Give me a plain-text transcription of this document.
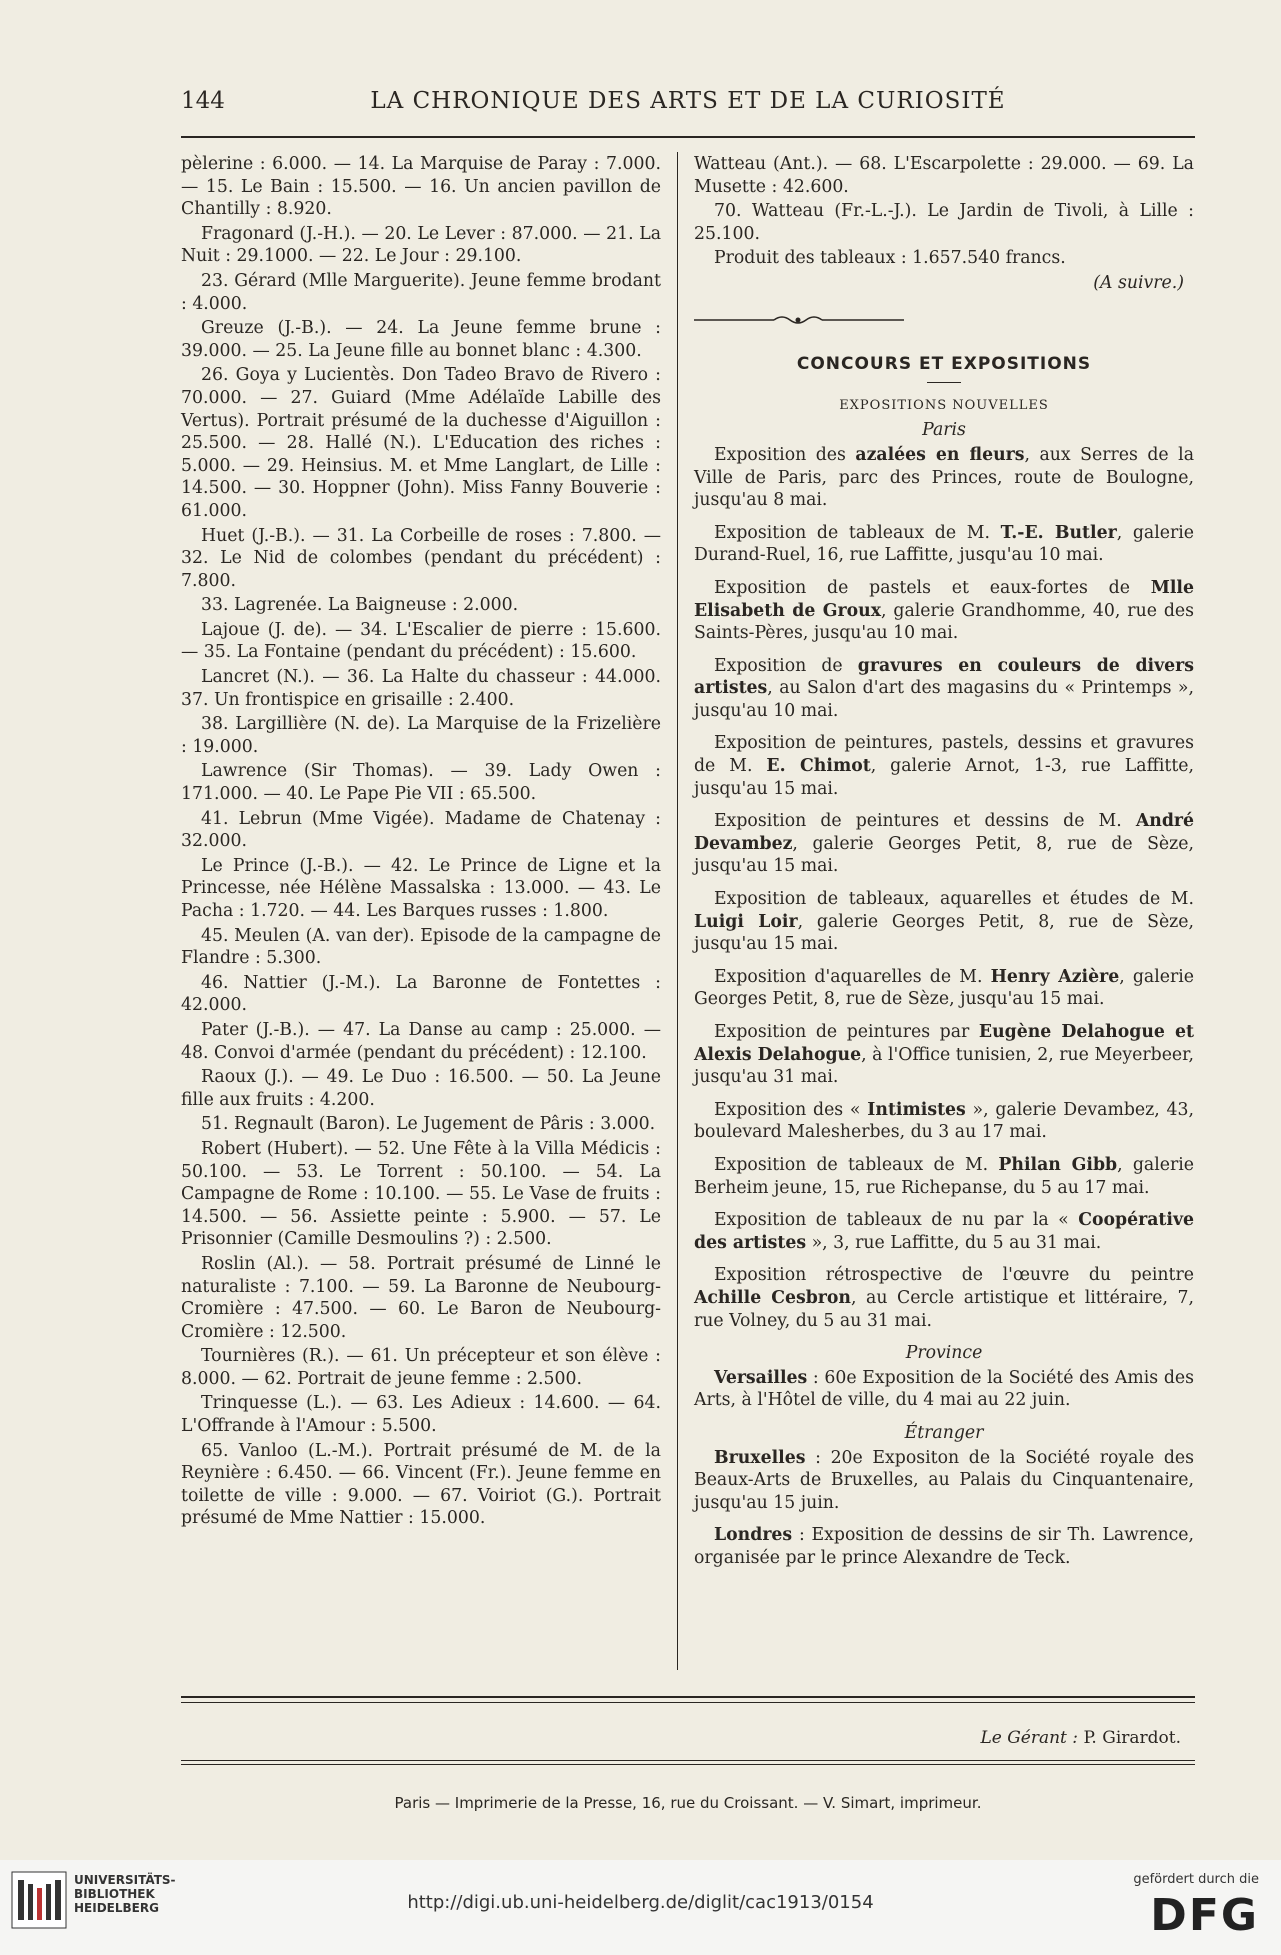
144	LA CHRONIQUE DES ARTS ET DE LA CURIOSITÉ

pèlerine : 6.000. — 14. La Marquise de Paray : 7.000. — 15. Le Bain : 15.500. — 16. Un ancien pavillon de Chantilly : 8.920.

Fragonard (J.-H.). — 20. Le Lever : 87.000. — 21. La Nuit : 29.1000. — 22. Le Jour : 29.100.

23. Gérard (Mlle Marguerite). Jeune femme brodant : 4.000.

Greuze (J.-B.). — 24. La Jeune femme brune : 39.000. — 25. La Jeune fille au bonnet blanc : 4.300.

26. Goya y Lucientès. Don Tadeo Bravo de Rivero : 70.000. — 27. Guiard (Mme Adélaïde Labille des Vertus). Portrait présumé de la duchesse d'Aiguillon : 25.500. — 28. Hallé (N.). L'Education des riches : 5.000. — 29. Heinsius. M. et Mme Langlart, de Lille : 14.500. — 30. Hoppner (John). Miss Fanny Bouverie : 61.000.

Huet (J.-B.). — 31. La Corbeille de roses : 7.800. — 32. Le Nid de colombes (pendant du précédent) : 7.800.

33. Lagrenée. La Baigneuse : 2.000.

Lajoue (J. de). — 34. L'Escalier de pierre : 15.600. — 35. La Fontaine (pendant du précédent) : 15.600.

Lancret (N.). — 36. La Halte du chasseur : 44.000. 37. Un frontispice en grisaille : 2.400.

38. Largillière (N. de). La Marquise de la Frizelière : 19.000.

Lawrence (Sir Thomas). — 39. Lady Owen : 171.000. — 40. Le Pape Pie VII : 65.500.

41. Lebrun (Mme Vigée). Madame de Chatenay : 32.000.

Le Prince (J.-B.). — 42. Le Prince de Ligne et la Princesse, née Hélène Massalska : 13.000. — 43. Le Pacha : 1.720. — 44. Les Barques russes : 1.800.

45. Meulen (A. van der). Episode de la campagne de Flandre : 5.300.

46. Nattier (J.-M.). La Baronne de Fontettes : 42.000.

Pater (J.-B.). — 47. La Danse au camp : 25.000. — 48. Convoi d'armée (pendant du précédent) : 12.100.

Raoux (J.). — 49. Le Duo : 16.500. — 50. La Jeune fille aux fruits : 4.200.

51. Regnault (Baron). Le Jugement de Pâris : 3.000.

Robert (Hubert). — 52. Une Fête à la Villa Médicis : 50.100. — 53. Le Torrent : 50.100. — 54. La Campagne de Rome : 10.100. — 55. Le Vase de fruits : 14.500. — 56. Assiette peinte : 5.900. — 57. Le Prisonnier (Camille Desmoulins ?) : 2.500.

Roslin (Al.). — 58. Portrait présumé de Linné le naturaliste : 7.100. — 59. La Baronne de Neubourg-Cromière : 47.500. — 60. Le Baron de Neubourg-Cromière : 12.500.

Tournières (R.). — 61. Un précepteur et son élève : 8.000. — 62. Portrait de jeune femme : 2.500.

Trinquesse (L.). — 63. Les Adieux : 14.600. — 64. L'Offrande à l'Amour : 5.500.

65. Vanloo (L.-M.). Portrait présumé de M. de la Reynière : 6.450. — 66. Vincent (Fr.). Jeune femme en toilette de ville : 9.000. — 67. Voiriot (G.). Portrait présumé de Mme Nattier : 15.000.

Watteau (Ant.). — 68. L'Escarpolette : 29.000. — 69. La Musette : 42.600.

70. Watteau (Fr.-L.-J.). Le Jardin de Tivoli, à Lille : 25.100.

Produit des tableaux : 1.657.540 francs.

(A suivre.)

CONCOURS ET EXPOSITIONS
EXPOSITIONS NOUVELLES
Paris

Exposition des azalées en fleurs, aux Serres de la Ville de Paris, parc des Princes, route de Boulogne, jusqu'au 8 mai.

Exposition de tableaux de M. T.-E. Butler, galerie Durand-Ruel, 16, rue Laffitte, jusqu'au 10 mai.

Exposition de pastels et eaux-fortes de Mlle Elisabeth de Groux, galerie Grandhomme, 40, rue des Saints-Pères, jusqu'au 10 mai.

Exposition de gravures en couleurs de divers artistes, au Salon d'art des magasins du « Printemps », jusqu'au 10 mai.

Exposition de peintures, pastels, dessins et gravures de M. E. Chimot, galerie Arnot, 1-3, rue Laffitte, jusqu'au 15 mai.

Exposition de peintures et dessins de M. André Devambez, galerie Georges Petit, 8, rue de Sèze, jusqu'au 15 mai.

Exposition de tableaux, aquarelles et études de M. Luigi Loir, galerie Georges Petit, 8, rue de Sèze, jusqu'au 15 mai.

Exposition d'aquarelles de M. Henry Azière, galerie Georges Petit, 8, rue de Sèze, jusqu'au 15 mai.

Exposition de peintures par Eugène Delahogue et Alexis Delahogue, à l'Office tunisien, 2, rue Meyerbeer, jusqu'au 31 mai.

Exposition des « Intimistes », galerie Devambez, 43, boulevard Malesherbes, du 3 au 17 mai.

Exposition de tableaux de M. Philan Gibb, galerie Berheim jeune, 15, rue Richepanse, du 5 au 17 mai.

Exposition de tableaux de nu par la « Coopérative des artistes », 3, rue Laffitte, du 5 au 31 mai.

Exposition rétrospective de l'œuvre du peintre Achille Cesbron, au Cercle artistique et littéraire, 7, rue Volney, du 5 au 31 mai.

Province

Versailles : 60e Exposition de la Société des Amis des Arts, à l'Hôtel de ville, du 4 mai au 22 juin.

Étranger

Bruxelles : 20e Expositon de la Société royale des Beaux-Arts de Bruxelles, au Palais du Cinquantenaire, jusqu'au 15 juin.

Londres : Exposition de dessins de sir Th. Lawrence, organisée par le prince Alexandre de Teck.

Le Gérant : P. Girardot.
Paris — Imprimerie de la Presse, 16, rue du Croissant. — V. Simart, imprimeur.
UNIVERSITÄTS-
BIBLIOTHEK
HEIDELBERG	http://digi.ub.uni-heidelberg.de/diglit/cac1913/0154
gefördert durch die
DFG
